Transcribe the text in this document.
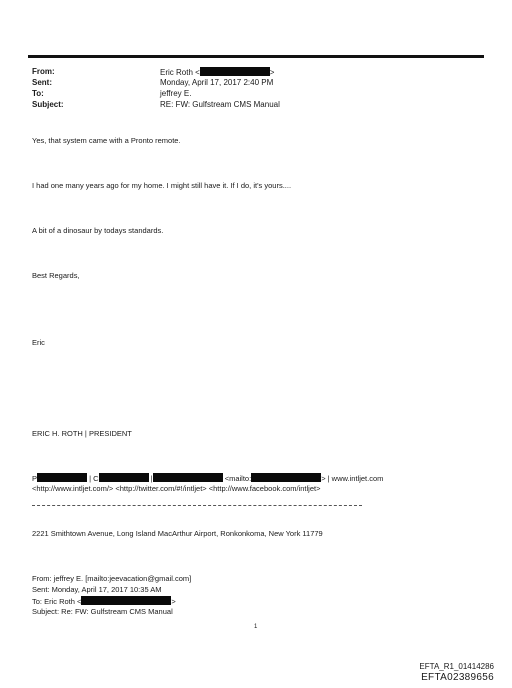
From:	Eric Roth <	>
Sent:	Monday, April 17, 2017 2:40 PM
To:	jeffrey E.
Subject:	RE: FW: Gulfstream CMS Manual
Yes, that system came with a Pronto remote.
I had one many years ago for my home. I might still have it. If I do, it's yours....
A bit of a dinosaur by todays standards.
Best Regards,
Eric
ERIC H. ROTH | PRESIDENT
P	| C	<mailto:	> | www.intljet.com
<http://www.intljet.com/> <http://twitter.com/#!/intljet> <http://www.facebook.com/intljet>
2221 Smithtown Avenue, Long Island MacArthur Airport, Ronkonkoma, New York 11779
From: jeffrey E. [mailto:jeevacation@gmail.com]
Sent: Monday, April 17, 2017 10:35 AM
To: Eric Roth <	>
Subject: Re: FW: Gulfstream CMS Manual
1
EFTA_R1_01414286
EFTA02389656
